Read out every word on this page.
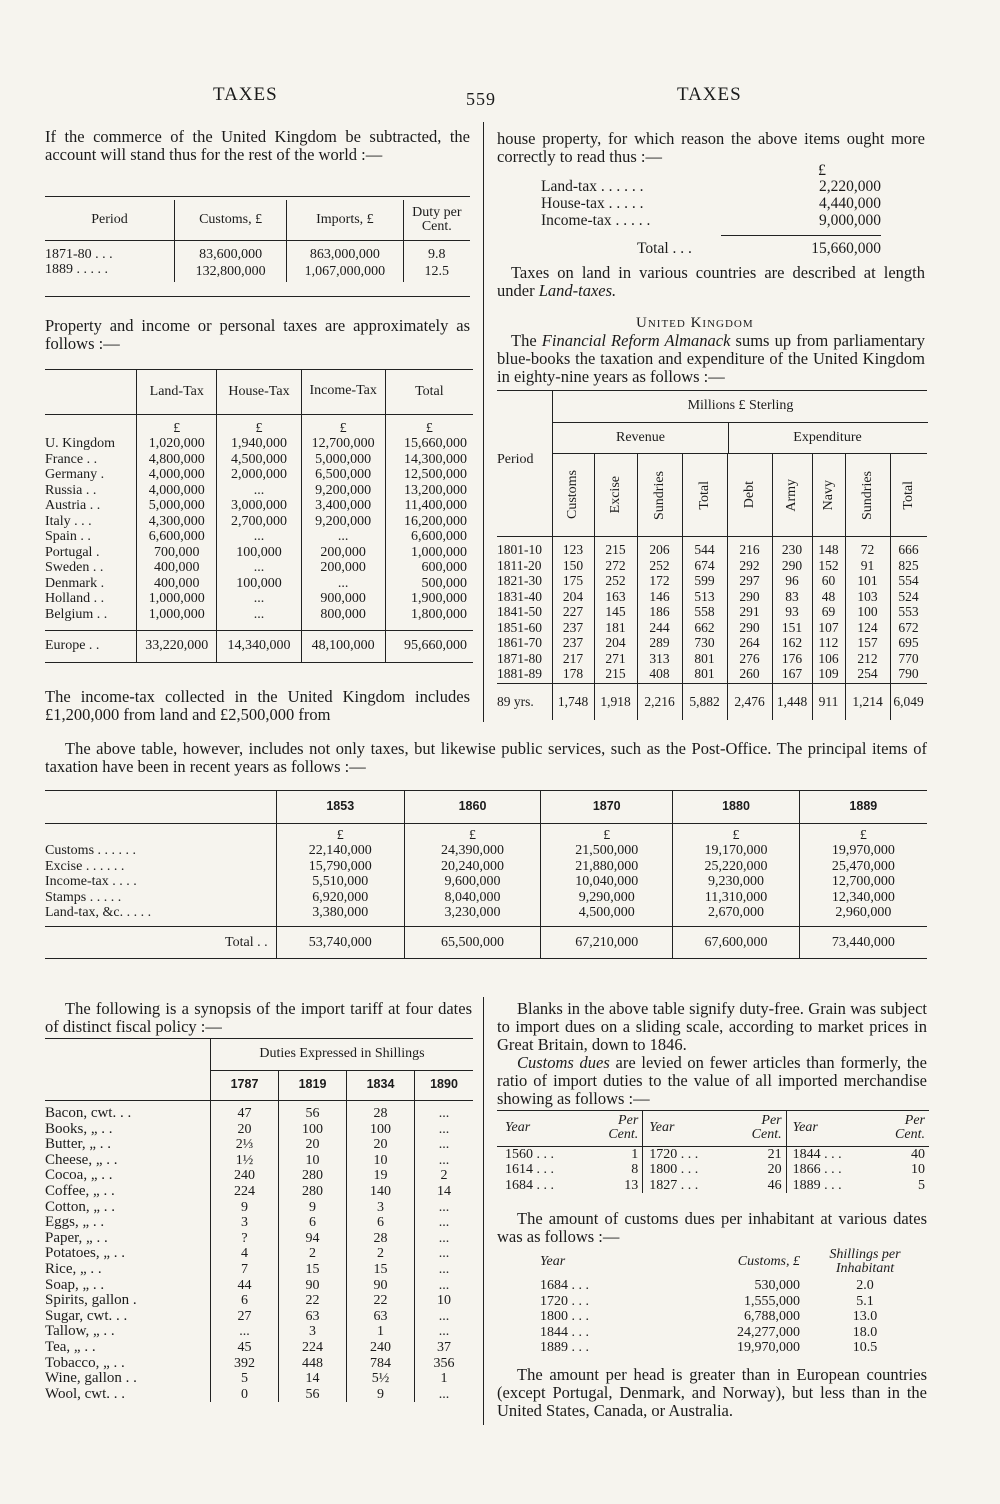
TAXES	559	TAXES

If the commerce of the United Kingdom be subtracted, the account will stand thus for the rest of the world :—

Period	Customs, £	Imports, £	Duty per Cent.
1871-80 . . .	83,600,000	863,000,000	9.8
1889 . . . . .	132,800,000	1,067,000,000	12.5

Property and income or personal taxes are approximately as follows :—

	Land-Tax	House-Tax	Income-Tax	Total
	£	£	£	£
U. Kingdom	1,020,000	1,940,000	12,700,000	15,660,000
France . .	4,800,000	4,500,000	5,000,000	14,300,000
Germany .	4,000,000	2,000,000	6,500,000	12,500,000
Russia . .	4,000,000	...	9,200,000	13,200,000
Austria . .	5,000,000	3,000,000	3,400,000	11,400,000
Italy . . .	4,300,000	2,700,000	9,200,000	16,200,000
Spain . .	6,600,000	...	...	6,600,000
Portugal .	700,000	100,000	200,000	1,000,000
Sweden . .	400,000	...	200,000	600,000
Denmark .	400,000	100,000	...	500,000
Holland . .	1,000,000	...	900,000	1,900,000
Belgium . .	1,000,000	...	800,000	1,800,000

Europe . .	33,220,000	14,340,000	48,100,000	95,660,000

The income-tax collected in the United Kingdom includes £1,200,000 from land and £2,500,000 from

house property, for which reason the above items ought more correctly to read thus :—

£
Land-tax . . . . . .	2,220,000
House-tax . . . . .	4,440,000
Income-tax . . . . .	9,000,000
Total . . .	15,660,000

Taxes on land in various countries are described at length under Land-taxes.

United Kingdom

The Financial Reform Almanack sums up from parliamentary blue-books the taxation and expenditure of the United Kingdom in eighty-nine years as follows :—

Millions £ Sterling
Period
Revenue	Expenditure
Customs Excise Sundries Total Debt Army Navy Sundries Total
1801-10	123	215	206	544	216	230	148	72	666
1811-20	150	272	252	674	292	290	152	91	825
1821-30	175	252	172	599	297	96	60	101	554
1831-40	204	163	146	513	290	83	48	103	524
1841-50	227	145	186	558	291	93	69	100	553
1851-60	237	181	244	662	290	151	107	124	672
1861-70	237	204	289	730	264	162	112	157	695
1871-80	217	271	313	801	276	176	106	212	770
1881-89	178	215	408	801	260	167	109	254	790
89 yrs.	1,748 1,918	2,216	5,882	2,476 1,448 911	1,214 6,049

The above table, however, includes not only taxes, but likewise public services, such as the Post-Office. The principal items of taxation have been in recent years as follows :—

	1853	1860	1870	1880	1889
	£	£	£	£	£
Customs . . . . . .	22,140,000	24,390,000	21,500,000	19,170,000	19,970,000
Excise . . . . . .	15,790,000	20,240,000	21,880,000	25,220,000	25,470,000
Income-tax . . . .	5,510,000	9,600,000	10,040,000	9,230,000	12,700,000
Stamps . . . . .	6,920,000	8,040,000	9,290,000	11,310,000	12,340,000
Land-tax, &c. . . . .	3,380,000	3,230,000	4,500,000	2,670,000	2,960,000

Total . .	53,740,000	65,500,000	67,210,000	67,600,000	73,440,000

The following is a synopsis of the import tariff at four dates of distinct fiscal policy :—

	Duties Expressed in Shillings			
	1787	1819	1834	1890

Bacon, cwt. . .	47	56	28	...
Books, „ . .	20	100	100	...
Butter, „ . .	2⅓	20	20	...
Cheese, „ . .	1½	10	10	...
Cocoa, „ . .	240	280	19	2
Coffee, „ . .	224	280	140	14
Cotton, „ . .	9	9	3	...
Eggs, „ . .	3	6	6	...
Paper, „ . .	?	94	28	...
Potatoes, „ . .	4	2	2	...
Rice, „ . .	7	15	15	...
Soap, „ . .	44	90	90	...
Spirits, gallon .	6	22	22	10
Sugar, cwt. . .	27	63	63	...
Tallow, „ . .	...	3	1	...
Tea, „ . .	45	224	240	37
Tobacco, „ . .	392	448	784	356
Wine, gallon . .	5	14	5½	1
Wool, cwt. . .	0	56	9	...

Blanks in the above table signify duty-free. Grain was subject to import dues on a sliding scale, according to market prices in Great Britain, down to 1846.

Customs dues are levied on fewer articles than formerly, the ratio of import duties to the value of all imported merchandise showing as follows :—

Year	Per Cent.	Year	Per Cent.	Year	Per Cent.
1560 . . .	1	1720 . . .	21	1844 . . .	40
1614 . . .	8	1800 . . .	20	1866 . . .	10
1684 . . .	13	1827 . . .	46	1889 . . .	5

The amount of customs dues per inhabitant at various dates was as follows :—

Year	Customs, £	Shillings per Inhabitant
1684 . . .	530,000	2.0
1720 . . .	1,555,000	5.1
1800 . . .	6,788,000	13.0
1844 . . .	24,277,000	18.0
1889 . . .	19,970,000	10.5

The amount per head is greater than in European countries (except Portugal, Denmark, and Norway), but less than in the United States, Canada, or Australia.
